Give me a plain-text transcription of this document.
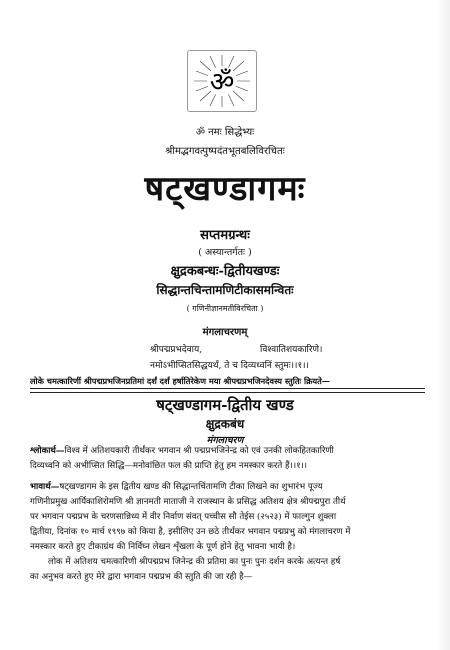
ॐ
ॐ नमः सिद्धेभ्यः
श्रीमद्भगवत्पुष्पदंतभूतबलिविरचितः
षट्खण्डागमः
सप्तमग्रन्थः
( अस्यान्तर्गतः )
क्षुद्रकबन्धः-द्वितीयखण्डः
सिद्धान्तचिन्तामणिटीकासमन्वितः
( गणिनीज्ञानमतीविरचिता )
मंगलाचरणम्
श्रीपद्मप्रभदेवाय,	विश्वातिशयकारिणे।
नमोऽभीप्सितसिद्धयर्थं, ते च दिव्यध्वनिं स्तुमः।।१।।
लोके चमत्कारिणीं श्रीपद्मप्रभजिनप्रतिमां दर्शं दर्शं हर्षातिरेकेण मया श्रीपद्मप्रभजिनदेवस्य स्तुतिः क्रियते—
षट्खण्डागम-द्वितीय खण्ड
क्षुद्रकबंध
मंगलाचरण
श्लोकार्थ—विश्व में अतिशयकारी तीर्थंकर भगवान श्री पद्मप्रभजिनेन्द्र को एवं उनकी लोकहितकारिणी
दिव्यध्वनि को अभीप्सित सिद्धि—मनोवांछित फल की प्राप्ति हेतु हम नमस्कार करते हैं।।१।।
भावार्थ—षट्खण्डागम के इस द्वितीय खण्ड की सिद्धान्तचिंतामणि टीका लिखने का शुभारंभ पूज्य
गणिनीप्रमुख आर्यिकाशिरोमणि श्री ज्ञानमती माताजी ने राजस्थान के प्रसिद्ध अतिशय क्षेत्र श्रीपद्मपुरा तीर्थ
पर भगवान पद्मप्रभ के चरणसान्निध्य में वीर निर्वाण संवत् पच्चीस सौ तेईस (२५२३) में फाल्गुन शुक्ला
द्वितीया, दिनांक १० मार्च १९९७ को किया है, इसीलिए उन छठे तीर्थंकर भगवान पद्मप्रभु को मंगलाचरण में
नमस्कार करते हुए टीकाग्रंथ की निर्विघ्न लेखन शृँखला के पूर्ण होने हेतु भावना भायी है।
लोक में अतिशय चमत्कारिणी श्रीपद्मप्रभ जिनेन्द्र की प्रतिमा का पुनः पुनः दर्शन करके अत्यन्त हर्ष
का अनुभव करते हुए मेरे द्वारा भगवान पद्मप्रभ की स्तुति की जा रही है—
